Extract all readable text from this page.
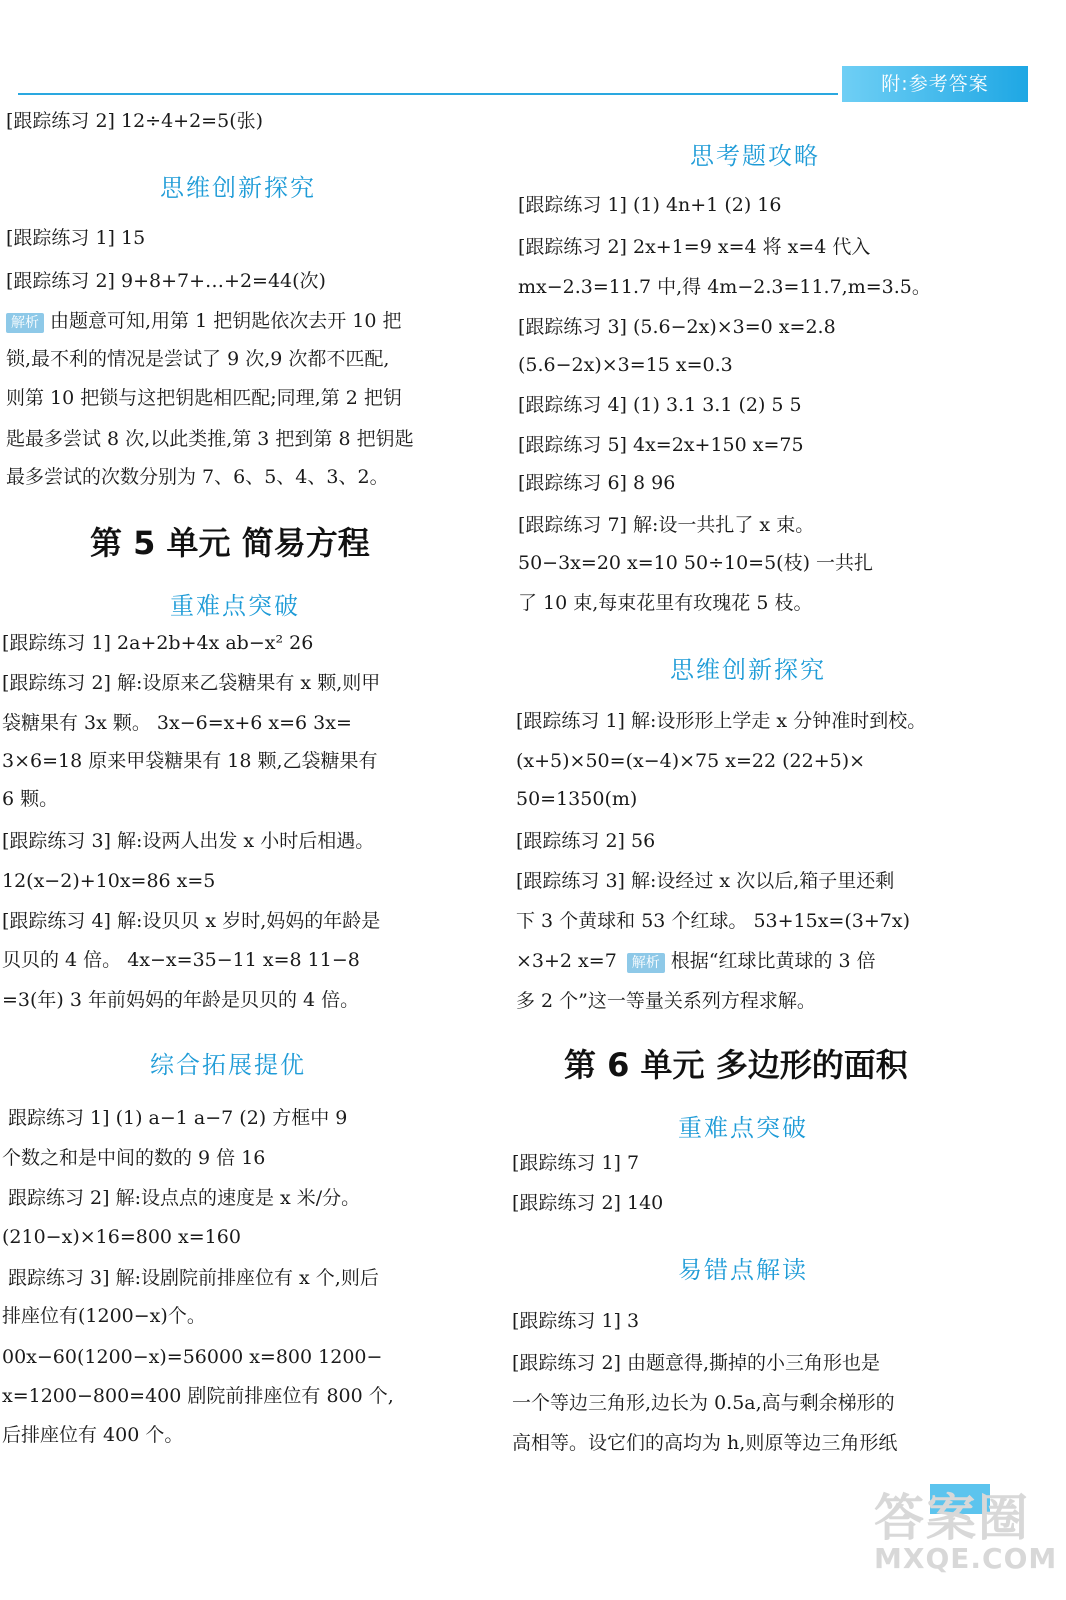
附:参考答案
[跟踪练习 2] 12÷4+2=5(张)
思维创新探究
[跟踪练习 1] 15
[跟踪练习 2] 9+8+7+…+2=44(次)
解析 由题意可知,用第 1 把钥匙依次去开 10 把
锁,最不利的情况是尝试了 9 次,9 次都不匹配,
则第 10 把锁与这把钥匙相匹配;同理,第 2 把钥
匙最多尝试 8 次,以此类推,第 3 把到第 8 把钥匙
最多尝试的次数分别为 7、6、5、4、3、2。
第 5 单元 简易方程
重难点突破
[跟踪练习 1] 2a+2b+4x ab−x² 26
[跟踪练习 2] 解:设原来乙袋糖果有 x 颗,则甲
袋糖果有 3x 颗。 3x−6=x+6 x=6 3x=
3×6=18 原来甲袋糖果有 18 颗,乙袋糖果有
6 颗。
[跟踪练习 3] 解:设两人出发 x 小时后相遇。
12(x−2)+10x=86 x=5
[跟踪练习 4] 解:设贝贝 x 岁时,妈妈的年龄是
贝贝的 4 倍。 4x−x=35−11 x=8 11−8
=3(年) 3 年前妈妈的年龄是贝贝的 4 倍。
综合拓展提优
跟踪练习 1] (1) a−1 a−7 (2) 方框中 9
个数之和是中间的数的 9 倍 16
跟踪练习 2] 解:设点点的速度是 x 米/分。
(210−x)×16=800 x=160
跟踪练习 3] 解:设剧院前排座位有 x 个,则后
排座位有(1200−x)个。
00x−60(1200−x)=56000 x=800 1200−
x=1200−800=400 剧院前排座位有 800 个,
后排座位有 400 个。
思考题攻略
[跟踪练习 1] (1) 4n+1 (2) 16
[跟踪练习 2] 2x+1=9 x=4 将 x=4 代入
mx−2.3=11.7 中,得 4m−2.3=11.7,m=3.5。
[跟踪练习 3] (5.6−2x)×3=0 x=2.8
(5.6−2x)×3=15 x=0.3
[跟踪练习 4] (1) 3.1 3.1 (2) 5 5
[跟踪练习 5] 4x=2x+150 x=75
[跟踪练习 6] 8 96
[跟踪练习 7] 解:设一共扎了 x 束。
50−3x=20 x=10 50÷10=5(枝) 一共扎
了 10 束,每束花里有玫瑰花 5 枝。
思维创新探究
[跟踪练习 1] 解:设形形上学走 x 分钟准时到校。
(x+5)×50=(x−4)×75 x=22 (22+5)×
50=1350(m)
[跟踪练习 2] 56
[跟踪练习 3] 解:设经过 x 次以后,箱子里还剩
下 3 个黄球和 53 个红球。 53+15x=(3+7x)
×3+2 x=7 解析 根据“红球比黄球的 3 倍
多 2 个”这一等量关系列方程求解。
第 6 单元 多边形的面积
重难点突破
[跟踪练习 1] 7
[跟踪练习 2] 140
易错点解读
[跟踪练习 1] 3
[跟踪练习 2] 由题意得,撕掉的小三角形也是
一个等边三角形,边长为 0.5a,高与剩余梯形的
高相等。设它们的高均为 h,则原等边三角形纸
答案圈
MXQE.COM
